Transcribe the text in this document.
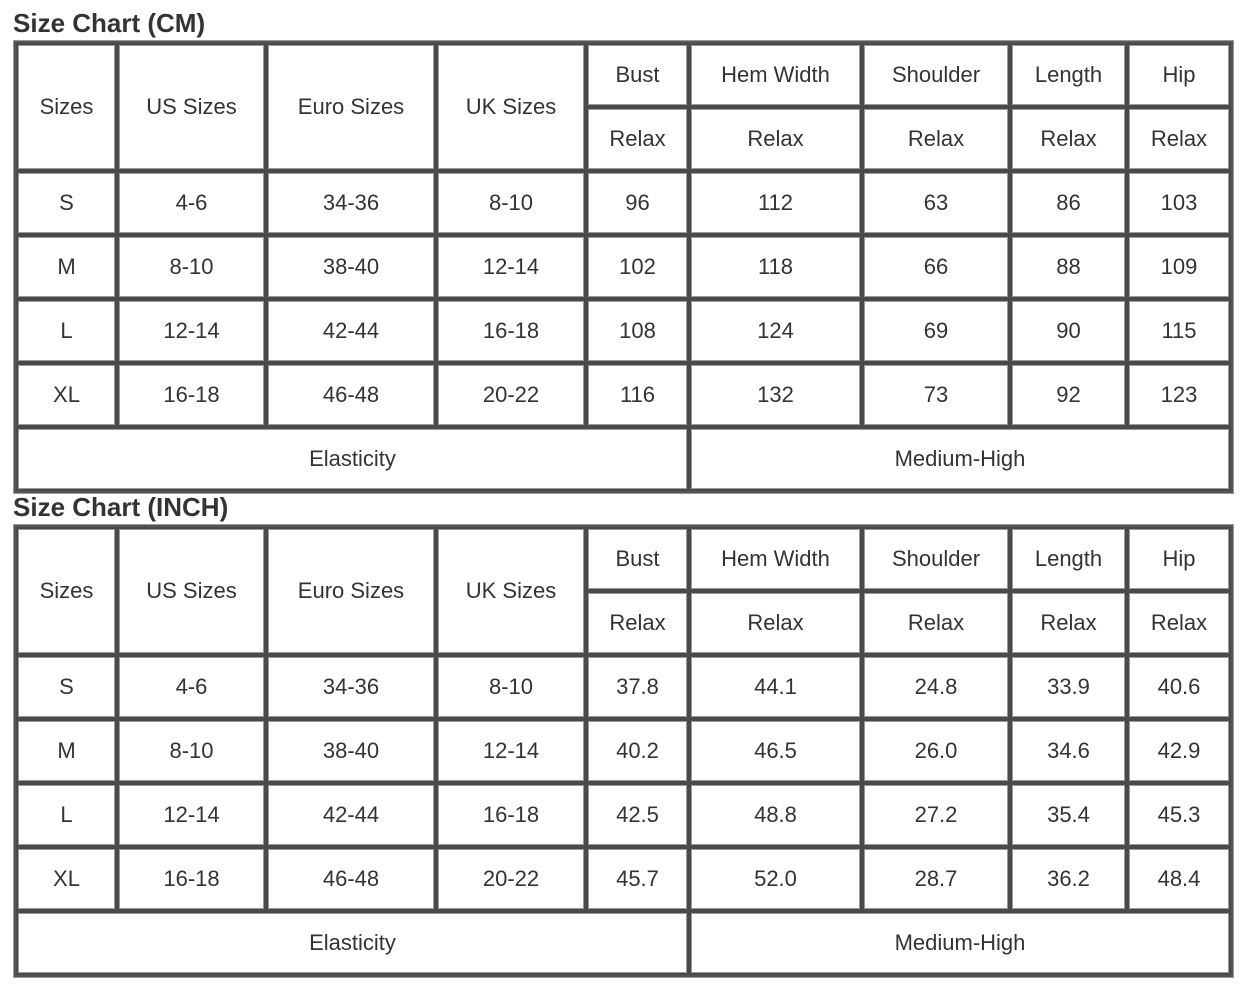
Size Chart (CM)
Sizes	US Sizes	Euro Sizes	UK Sizes	Bust	Hem Width	Shoulder	Length	Hip
				Relax	Relax	Relax	Relax	Relax
S	4-6	34-36	8-10	96	112	63	86	103
M	8-10	38-40	12-14	102	118	66	88	109
L	12-14	42-44	16-18	108	124	69	90	115
XL	16-18	46-48	20-22	116	132	73	92	123
Elasticity					Medium-High			
Size Chart (INCH)
Sizes	US Sizes	Euro Sizes	UK Sizes	Bust	Hem Width	Shoulder	Length	Hip
				Relax	Relax	Relax	Relax	Relax
S	4-6	34-36	8-10	37.8	44.1	24.8	33.9	40.6
M	8-10	38-40	12-14	40.2	46.5	26.0	34.6	42.9
L	12-14	42-44	16-18	42.5	48.8	27.2	35.4	45.3
XL	16-18	46-48	20-22	45.7	52.0	28.7	36.2	48.4
Elasticity					Medium-High			
